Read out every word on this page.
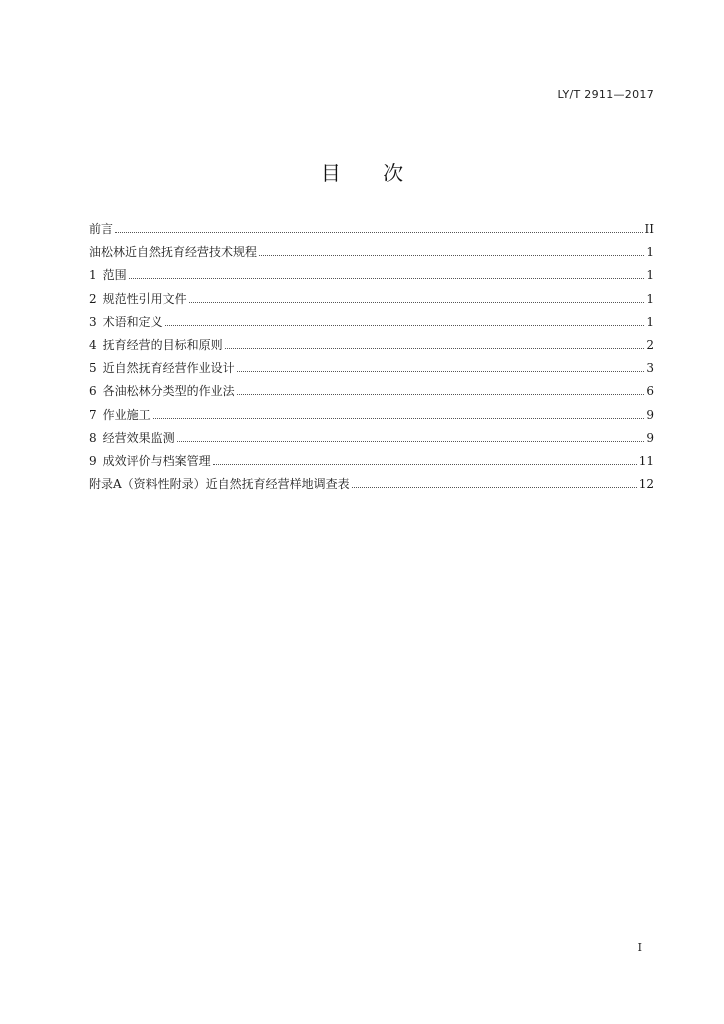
LY/T 2911—2017
目 次
前言	II
油松林近自然抚育经营技术规程	1
1 范围	1
2 规范性引用文件	1
3 术语和定义	1
4 抚育经营的目标和原则	2
5 近自然抚育经营作业设计	3
6 各油松林分类型的作业法	6
7 作业施工	9
8 经营效果监测	9
9 成效评价与档案管理	11
附录A（资料性附录）近自然抚育经营样地调查表	12
I
